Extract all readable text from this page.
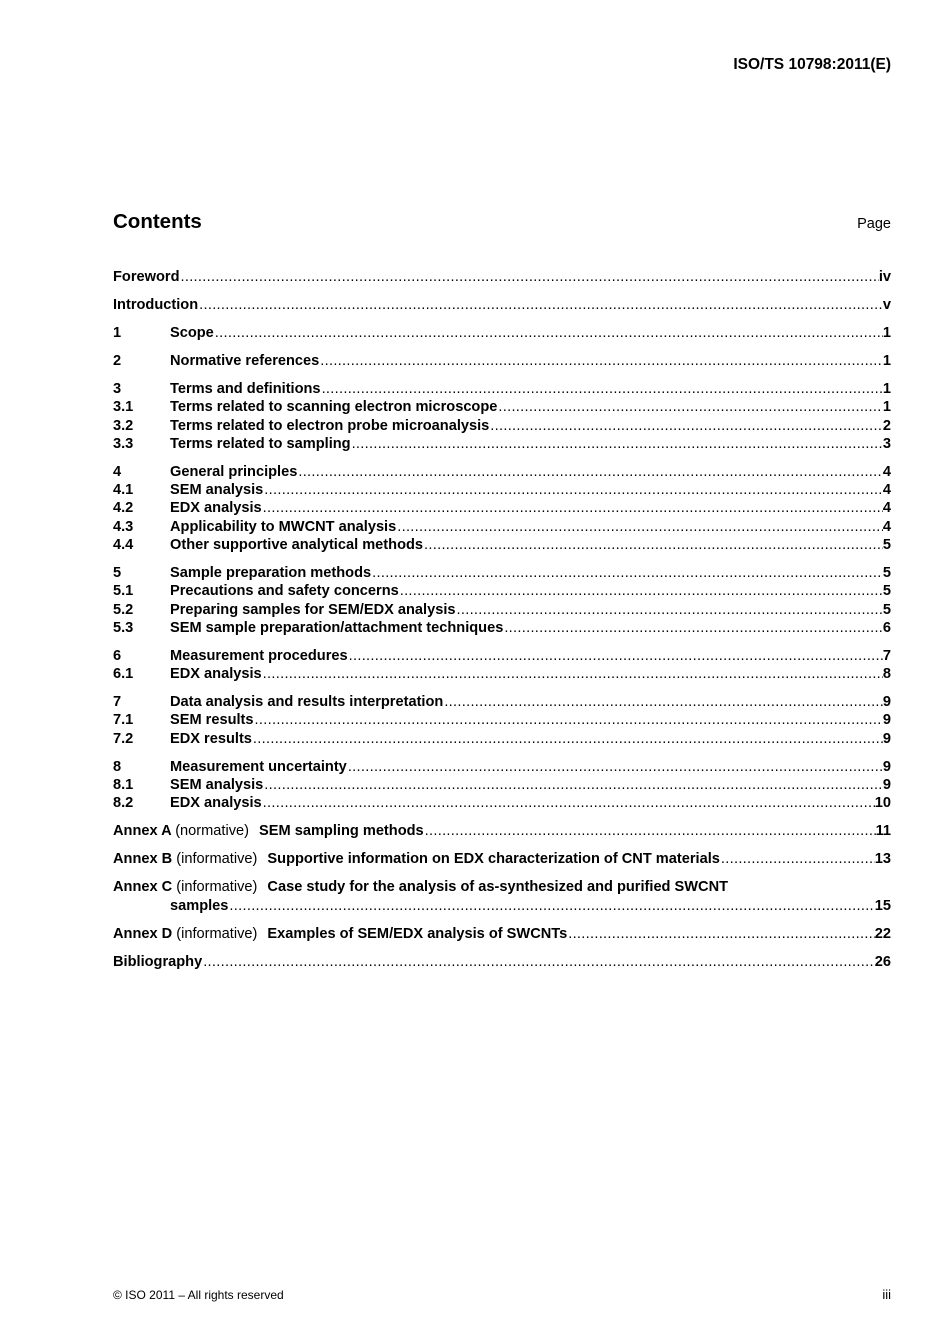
ISO/TS 10798:2011(E)
Contents	Page
Foreword .....	iv
Introduction .....	v
1	Scope .....	1
2	Normative references .....	1
3	Terms and definitions .....	1
3.1	Terms related to scanning electron microscope .....	1
3.2	Terms related to electron probe microanalysis .....	2
3.3	Terms related to sampling .....	3
4	General principles .....	4
4.1	SEM analysis .....	4
4.2	EDX analysis .....	4
4.3	Applicability to MWCNT analysis .....	4
4.4	Other supportive analytical methods .....	5
5	Sample preparation methods .....	5
5.1	Precautions and safety concerns .....	5
5.2	Preparing samples for SEM/EDX analysis .....	5
5.3	SEM sample preparation/attachment techniques .....	6
6	Measurement procedures .....	7
6.1	EDX analysis .....	8
7	Data analysis and results interpretation .....	9
7.1	SEM results .....	9
7.2	EDX results .....	9
8	Measurement uncertainty .....	9
8.1	SEM analysis .....	9
8.2	EDX analysis .....	10
Annex A (normative) SEM sampling methods .....	11
Annex B (informative) Supportive information on EDX characterization of CNT materials .....	13
Annex C (informative) Case study for the analysis of as-synthesized and purified SWCNT
samples .....	15
Annex D (informative) Examples of SEM/EDX analysis of SWCNTs .....	22
Bibliography .....	26
© ISO 2011 – All rights reserved	iii
